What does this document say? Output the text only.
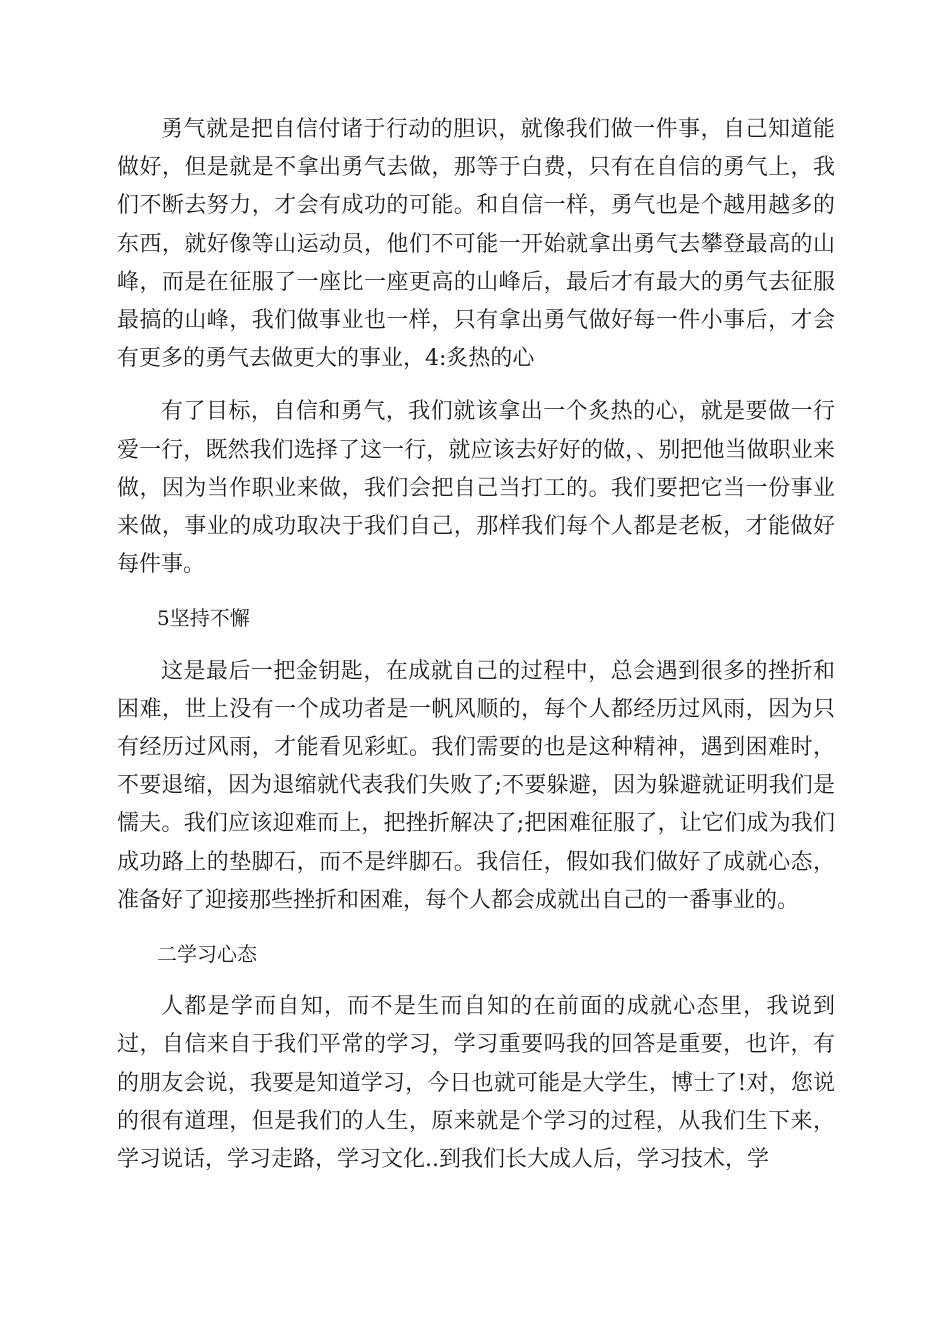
勇气就是把自信付诸于行动的胆识，就像我们做一件事，自己知道能做好，但是就是不拿出勇气去做，那等于白费，只有在自信的勇气上，我们不断去努力，才会有成功的可能。和自信一样，勇气也是个越用越多的东西，就好像等山运动员，他们不可能一开始就拿出勇气去攀登最高的山峰，而是在征服了一座比一座更高的山峰后，最后才有最大的勇气去征服最搞的山峰，我们做事业也一样，只有拿出勇气做好每一件小事后，才会有更多的勇气去做更大的事业，4:炙热的心

有了目标，自信和勇气，我们就该拿出一个炙热的心，就是要做一行爱一行，既然我们选择了这一行，就应该去好好的做，、别把他当做职业来做，因为当作职业来做，我们会把自己当打工的。我们要把它当一份事业来做，事业的成功取决于我们自己，那样我们每个人都是老板，才能做好每件事。

5坚持不懈

这是最后一把金钥匙，在成就自己的过程中，总会遇到很多的挫折和困难，世上没有一个成功者是一帆风顺的，每个人都经历过风雨，因为只有经历过风雨，才能看见彩虹。我们需要的也是这种精神，遇到困难时，不要退缩，因为退缩就代表我们失败了;不要躲避，因为躲避就证明我们是懦夫。我们应该迎难而上，把挫折解决了;把困难征服了，让它们成为我们成功路上的垫脚石，而不是绊脚石。我信任，假如我们做好了成就心态，准备好了迎接那些挫折和困难，每个人都会成就出自己的一番事业的。

二学习心态

人都是学而自知，而不是生而自知的在前面的成就心态里，我说到过，自信来自于我们平常的学习，学习重要吗我的回答是重要，也许，有的朋友会说，我要是知道学习，今日也就可能是大学生，博士了!对，您说的很有道理，但是我们的人生，原来就是个学习的过程，从我们生下来，学习说话，学习走路，学习文化..到我们长大成人后，学习技术，学
